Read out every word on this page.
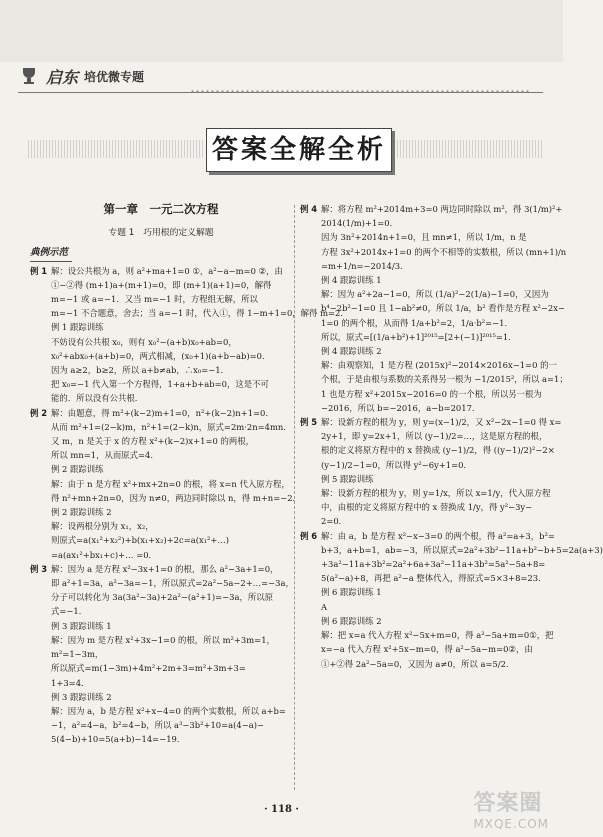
启东 培优微专题
答案全解全析
第一章　一元二次方程
专题 1　巧用根的定义解题
典例示范
例 1 解：设公共根为 a，则 a²+ma+1=0 ①，a²−a−m=0 ②，由
①−②得 (m+1)a+(m+1)=0，即 (m+1)(a+1)=0，解得
m=−1 或 a=−1．又当 m=−1 时，方程组无解，所以
m=−1 不合题意，舍去；当 a=−1 时，代入①，得 1−m+1=0，解得 m=2．
例 1 跟踪训练
不妨设有公共根 x₀，则有 x₀²−(a+b)x₀+ab=0，
x₀²+abx₀+(a+b)=0，两式相减，(x₀+1)(a+b−ab)=0．
因为 a≥2，b≥2，所以 a+b≠ab，∴x₀=−1．
把 x₀=−1 代入第一个方程得，1+a+b+ab=0，这是不可
能的．所以没有公共根．
例 2 解：由题意，得 m²+(k−2)m+1=0，n²+(k−2)n+1=0．
从而 m²+1=(2−k)m，n²+1=(2−k)n，原式=2m·2n=4mn．
又 m，n 是关于 x 的方程 x²+(k−2)x+1=0 的两根，
所以 mn=1，从而原式=4．
例 2 跟踪训练
解：由于 n 是方程 x²+mx+2n=0 的根，将 x=n 代入原方程，
得 n²+mn+2n=0，因为 n≠0，两边同时除以 n，得 m+n=−2．
例 2 跟踪训练 2
解：设两根分别为 x₁，x₂，
则原式=a(x₁²+x₂²)+b(x₁+x₂)+2c=a(x₁²+…)
=a(ax₁²+bx₁+c)+… =0．
例 3 解：因为 a 是方程 x²−3x+1=0 的根，那么 a²−3a+1=0，
即 a²+1=3a，a²−3a=−1，所以原式=2a²−5a−2+…=−3a，
分子可以转化为 3a(3a²−3a)+2a²−(a²+1)=−3a，所以原
式=−1．
例 3 跟踪训练 1
解：因为 m 是方程 x²+3x−1=0 的根，所以 m²+3m=1，
m²=1−3m，
所以原式=m(1−3m)+4m²+2m+3=m²+3m+3=
1+3=4．
例 3 跟踪训练 2
解：因为 a，b 是方程 x²+x−4=0 的两个实数根，所以 a+b=
−1，a²=4−a，b²=4−b，所以 a³−3b²+10=a(4−a)−
5(4−b)+10=5(a+b)−14=−19．
例 4 解：将方程 m²+2014m+3=0 两边同时除以 m²，得 3(1/m)²+
2014(1/m)+1=0．
因为 3n²+2014n+1=0，且 mn≠1，所以 1/m，n 是
方程 3x²+2014x+1=0 的两个不相等的实数根，所以 (mn+1)/n
=m+1/n=−2014/3．
例 4 跟踪训练 1
解：因为 a²+2a−1=0，所以 (1/a)²−2(1/a)−1=0，又因为
b⁴−2b²−1=0 且 1−ab²≠0，所以 1/a，b² 看作是方程 x²−2x−
1=0 的两个根，从而得 1/a+b²=2，1/a·b²=−1．
所以，原式=[(1/a+b²)+1]²⁰¹⁵=[2+(−1)]²⁰¹⁵=1．
例 4 跟踪训练 2
解：由观察知，1 是方程 (2015x)²−2014×2016x−1=0 的一
个根，于是由根与系数的关系得另一根为 −1/2015²，所以 a=1；
1 也是方程 x²+2015x−2016=0 的一个根，所以另一根为
−2016，所以 b=−2016，a−b=2017．
例 5 解：设新方程的根为 y，则 y=(x−1)/2，又 x²−2x−1=0 得 x=
2y+1，即 y=2x+1，所以 (y−1)/2=…，这是原方程的根，
根的定义将原方程中的 x 替换成 (y−1)/2，得 ((y−1)/2)²−2×
(y−1)/2−1=0，所以得 y²−6y+1=0．
例 5 跟踪训练
解：设新方程的根为 y，则 y=1/x，所以 x=1/y，代入原方程
中，由根的定义将原方程中的 x 替换成 1/y，得 y²−3y−
2=0．
例 6 解：由 a，b 是方程 x²−x−3=0 的两个根，得 a²=a+3，b²=
b+3，a+b=1，ab=−3，所以原式=2a²+3b²−11a+b²−b+5=2a(a+3)
+3a²−11a+3b²=2a²+6a+3a²−11a+3b²=5a²−5a+8=
5(a²−a)+8，再把 a²−a 整体代入，得原式=5×3+8=23．
例 6 跟踪训练 1
A
例 6 跟踪训练 2
解：把 x=a 代入方程 x²−5x+m=0，得 a²−5a+m=0①，把
x=−a 代入方程 x²+5x−m=0，得 a²−5a−m=0②，由
①+②得 2a²−5a=0，又因为 a≠0，所以 a=5/2．
· 118 ·	答案圈
MXQE.COM
